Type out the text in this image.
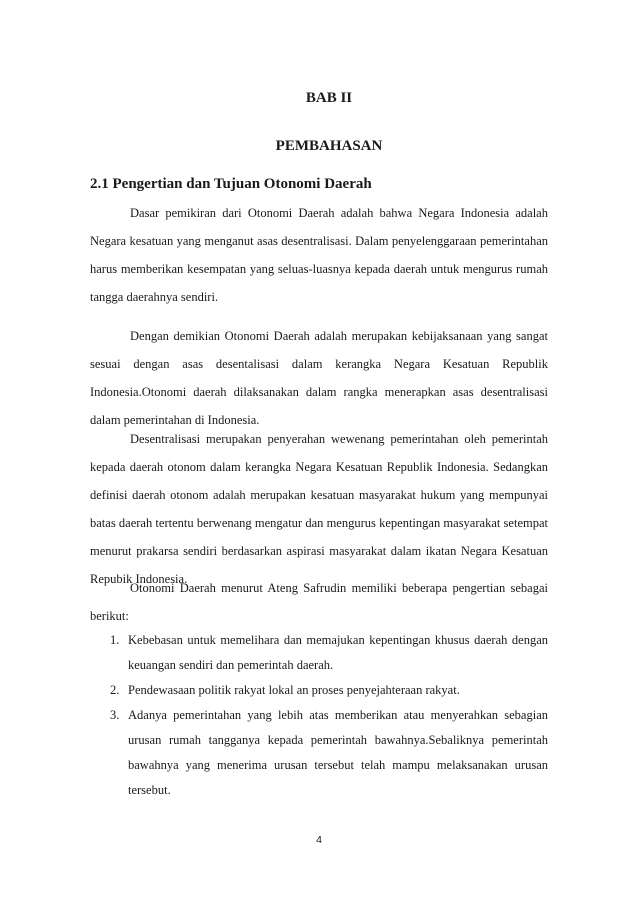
BAB II
PEMBAHASAN
2.1 Pengertian dan Tujuan Otonomi Daerah

Dasar pemikiran dari Otonomi Daerah adalah bahwa Negara Indonesia adalah Negara kesatuan yang menganut asas desentralisasi. Dalam penyelenggaraan pemerintahan harus memberikan kesempatan yang seluas-luasnya kepada daerah untuk mengurus rumah tangga daerahnya sendiri.

Dengan demikian Otonomi Daerah adalah merupakan kebijaksanaan yang sangat sesuai dengan asas desentalisasi dalam kerangka Negara Kesatuan Republik Indonesia.Otonomi daerah dilaksanakan dalam rangka menerapkan asas desentralisasi dalam pemerintahan di Indonesia.

Desentralisasi merupakan penyerahan wewenang pemerintahan oleh pemerintah kepada daerah otonom dalam kerangka Negara Kesatuan Republik Indonesia. Sedangkan definisi daerah otonom adalah merupakan kesatuan masyarakat hukum yang mempunyai batas daerah tertentu berwenang mengatur dan mengurus kepentingan masyarakat setempat menurut prakarsa sendiri berdasarkan aspirasi masyarakat dalam ikatan Negara Kesatuan Repubik Indonesia.

Otonomi Daerah menurut Ateng Safrudin memiliki beberapa pengertian sebagai berikut:

1. Kebebasan untuk memelihara dan memajukan kepentingan khusus daerah dengan keuangan sendiri dan pemerintah daerah.
2. Pendewasaan politik rakyat lokal an proses penyejahteraan rakyat.
3. Adanya pemerintahan yang lebih atas memberikan atau menyerahkan sebagian urusan rumah tangganya kepada pemerintah bawahnya.Sebaliknya pemerintah bawahnya yang menerima urusan tersebut telah mampu melaksanakan urusan tersebut.

4
